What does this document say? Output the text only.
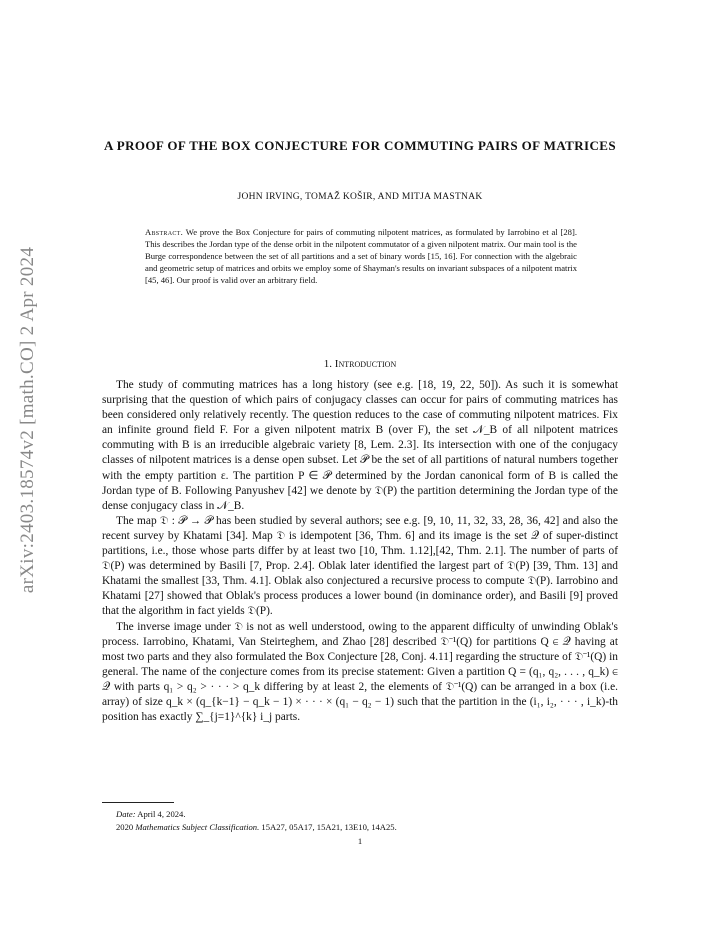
arXiv:2403.18574v2 [math.CO] 2 Apr 2024
A PROOF OF THE BOX CONJECTURE FOR COMMUTING PAIRS OF MATRICES
JOHN IRVING, TOMAŽ KOŠIR, AND MITJA MASTNAK
Abstract. We prove the Box Conjecture for pairs of commuting nilpotent matrices, as formulated by Iarrobino et al [28]. This describes the Jordan type of the dense orbit in the nilpotent commutator of a given nilpotent matrix. Our main tool is the Burge correspondence between the set of all partitions and a set of binary words [15, 16]. For connection with the algebraic and geometric setup of matrices and orbits we employ some of Shayman's results on invariant subspaces of a nilpotent matrix [45, 46]. Our proof is valid over an arbitrary field.
1. Introduction

The study of commuting matrices has a long history (see e.g. [18, 19, 22, 50]). As such it is somewhat surprising that the question of which pairs of conjugacy classes can occur for pairs of commuting matrices has been considered only relatively recently. The question reduces to the case of commuting nilpotent matrices. Fix an infinite ground field F. For a given nilpotent matrix B (over F), the set 𝒩_B of all nilpotent matrices commuting with B is an irreducible algebraic variety [8, Lem. 2.3]. Its intersection with one of the conjugacy classes of nilpotent matrices is a dense open subset. Let 𝒫 be the set of all partitions of natural numbers together with the empty partition ε. The partition P ∈ 𝒫 determined by the Jordan canonical form of B is called the Jordan type of B. Following Panyushev [42] we denote by 𝔇(P) the partition determining the Jordan type of the dense conjugacy class in 𝒩_B.

The map 𝔇 : 𝒫 → 𝒫 has been studied by several authors; see e.g. [9, 10, 11, 32, 33, 28, 36, 42] and also the recent survey by Khatami [34]. Map 𝔇 is idempotent [36, Thm. 6] and its image is the set 𝒬 of super-distinct partitions, i.e., those whose parts differ by at least two [10, Thm. 1.12],[42, Thm. 2.1]. The number of parts of 𝔇(P) was determined by Basili [7, Prop. 2.4]. Oblak later identified the largest part of 𝔇(P) [39, Thm. 13] and Khatami the smallest [33, Thm. 4.1]. Oblak also conjectured a recursive process to compute 𝔇(P). Iarrobino and Khatami [27] showed that Oblak's process produces a lower bound (in dominance order), and Basili [9] proved that the algorithm in fact yields 𝔇(P).

The inverse image under 𝔇 is not as well understood, owing to the apparent difficulty of unwinding Oblak's process. Iarrobino, Khatami, Van Steirteghem, and Zhao [28] described 𝔇⁻¹(Q) for partitions Q ∈ 𝒬 having at most two parts and they also formulated the Box Conjecture [28, Conj. 4.11] regarding the structure of 𝔇⁻¹(Q) in general. The name of the conjecture comes from its precise statement: Given a partition Q = (q₁, q₂, . . . , q_k) ∈ 𝒬 with parts q₁ > q₂ > · · · > q_k differing by at least 2, the elements of 𝔇⁻¹(Q) can be arranged in a box (i.e. array) of size q_k × (q_{k−1} − q_k − 1) × · · · × (q₁ − q₂ − 1) such that the partition in the (i₁, i₂, · · · , i_k)-th position has exactly ∑_{j=1}^{k} i_j parts.

Date: April 4, 2024.
2020 Mathematics Subject Classification. 15A27, 05A17, 15A21, 13E10, 14A25.
1
